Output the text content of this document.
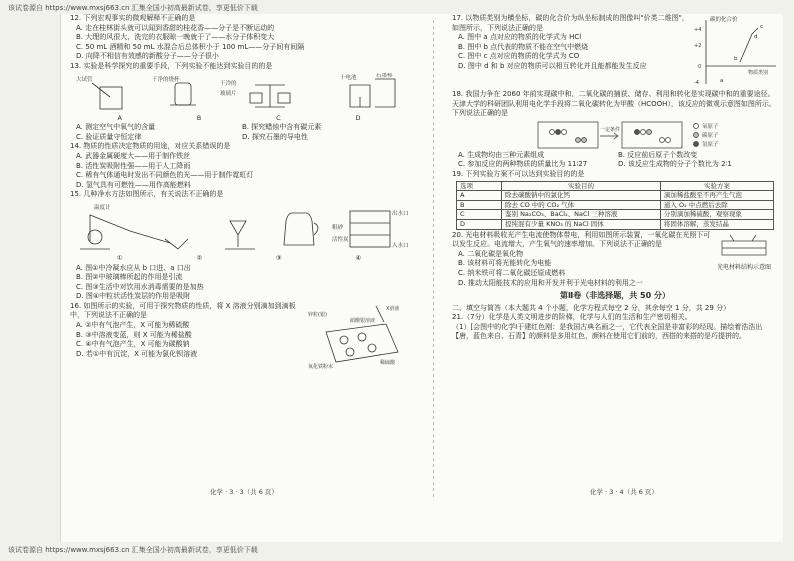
该试卷源自 https://www.mxsj663.cn 汇集全国小初高最新试卷，享更低价下载
该试卷源自 https://www.mxsj663.cn 汇集全国小初高最新试卷，享更低价下载

12. 下列宏观事实的微观解释不正确的是

A. 走在桂林街头就可以闻到香甜的桂花香——分子是不断运动的

B. 大理的风很大，洗完的衣服晾一晚就干了——水分子体积变大

C. 50 mL 酒精和 50 mL 水混合后总体积小于 100 mL——分子间有间隔

D. 向降不相信有效感的新酸分子——分子很小

13. 实验是科学探究的重要手段，下列实验不能达到实验目的的是

大试管	干净的烧杯
干冷的
玻璃片
十电池	石墨棒
A	B	C	D
A. 测定空气中氧气的含量	B. 探究蜡烛中含有碳元素
C. 验证质量守恒定律	D. 探究石墨的导电性

14. 物质的性质决定物质的用途，对应关系错误的是

A. 武器金属硬度大——用于制作铁丝

B. 活性炭吸附性强——用于人工降雨

C. 稀有气体通电时发出不同颜色的光——用于制作霓虹灯

D. 氢气具有可燃性——用作高能燃料

15. 几种净水方法如图所示，有关说法不正确的是

温度计
粗砂
活性炭
出水口
入水口
①	②	③	④

A. 图①中冷凝水应从 b 口进、a 口出

B. 图②中玻璃棒所起的作用是引流

C. 图③生活中对饮用水消毒需要的是加热

D. 图④中粒状活性炭层的作用是吸附

16. 如图所示的实验，可用于探究物质的性质，将 X 溶液分别滴加到滴板中，下列说法不正确的是

A. ②中有气泡产生，X 可能为稀硫酸

B. ③中溶液变蓝，则 X 可能为稀盐酸

C. ④中有气泡产生，X 可能为碳酸钠

D. 若①中有沉淀，X 可能为氯化钡溶液

X溶液
锌粒(银)
氧化铁粉末
硝酸银溶液
稀硫酸
化学 · 3 · 3（共 6 页）

17. 以物质类别为横坐标，碳的化合价为纵坐标制成的图像叫"价类二维图"，如图所示，下列说法正确的是

A. 图中 a 点对应的物质的化学式为 HCl

B. 图中 b 点代表的物质不能在空气中燃烧

C. 图中 c 点对应的物质的化学式为 CO

D. 图中 d 和 b 对应的物质可以相互转化并且能都能发生反应

碳的化合价
+4
+2
0
-4
c
d
b
a
物质类别

18. 我国力争在 2060 年前实现碳中和，二氧化碳的捕获、储存、利用和转化是实现碳中和的重要途径。天津大学的科研团队利用电化学手段将二氧化碳转化为甲酸（HCOOH），该反应的微观示意图如图所示。下列说法正确的是

一定条件	氧原子
碳原子
氢原子
A. 生成物均由三种元素组成	B. 反应前后原子个数改变
C. 参加反应的两种物质的质量比为 11∶27	D. 该反应生成物的分子个数比为 2∶1

19. 下列实验方案不可以达到实验目的的是

选项	实验目的	实验方案
A	除去碳酸钠中的氯化钙	滴加稀盐酸至不再产生气泡
B	除去 CO 中的 CO₂ 气体	通入 O₂ 中点燃后去除
C	鉴别 Na₂CO₃、BaCl₂、NaCl 三种溶液	分别滴加稀硫酸，观察现象
D	提纯混有少量 KNO₃ 的 NaCl 固体	将固体溶解，蒸发结晶

20. 光电材料吸收光产生电流使物体带电，利用如图所示装置，一氧化碳在光照下可以发生反应。电流增大，产生氧气的速率增加。下列说法不正确的是

A. 二氧化碳是氧化物

B. 该材料可将光能转化为电能

C. 纳米铁可将二氧化碳还原成燃料

D. 推动太阳能技术的应用和开发并利于光电材料的利用之一

光电材料结构示意图
第Ⅱ卷（非选择题，共 50 分）

二、填空与简答（本大题共 4 个小题，化学方程式每空 2 分，其余每空 1 分，共 29 分）

21.（7分）化学是人类文明进步的阶梯，化学与人们的生活和生产密切相关。

（1）[会图中的化学Ⅰ于建红色刚：是我国古典名画之一，它代表全国是非富彩的经现。描绘着浩浩出【唐，蓝色来自、石青】的颜料是多用红色，颜料在使用它们前的，西搭的来搭的是巧提拼的。

化学 · 3 · 4（共 6 页）
